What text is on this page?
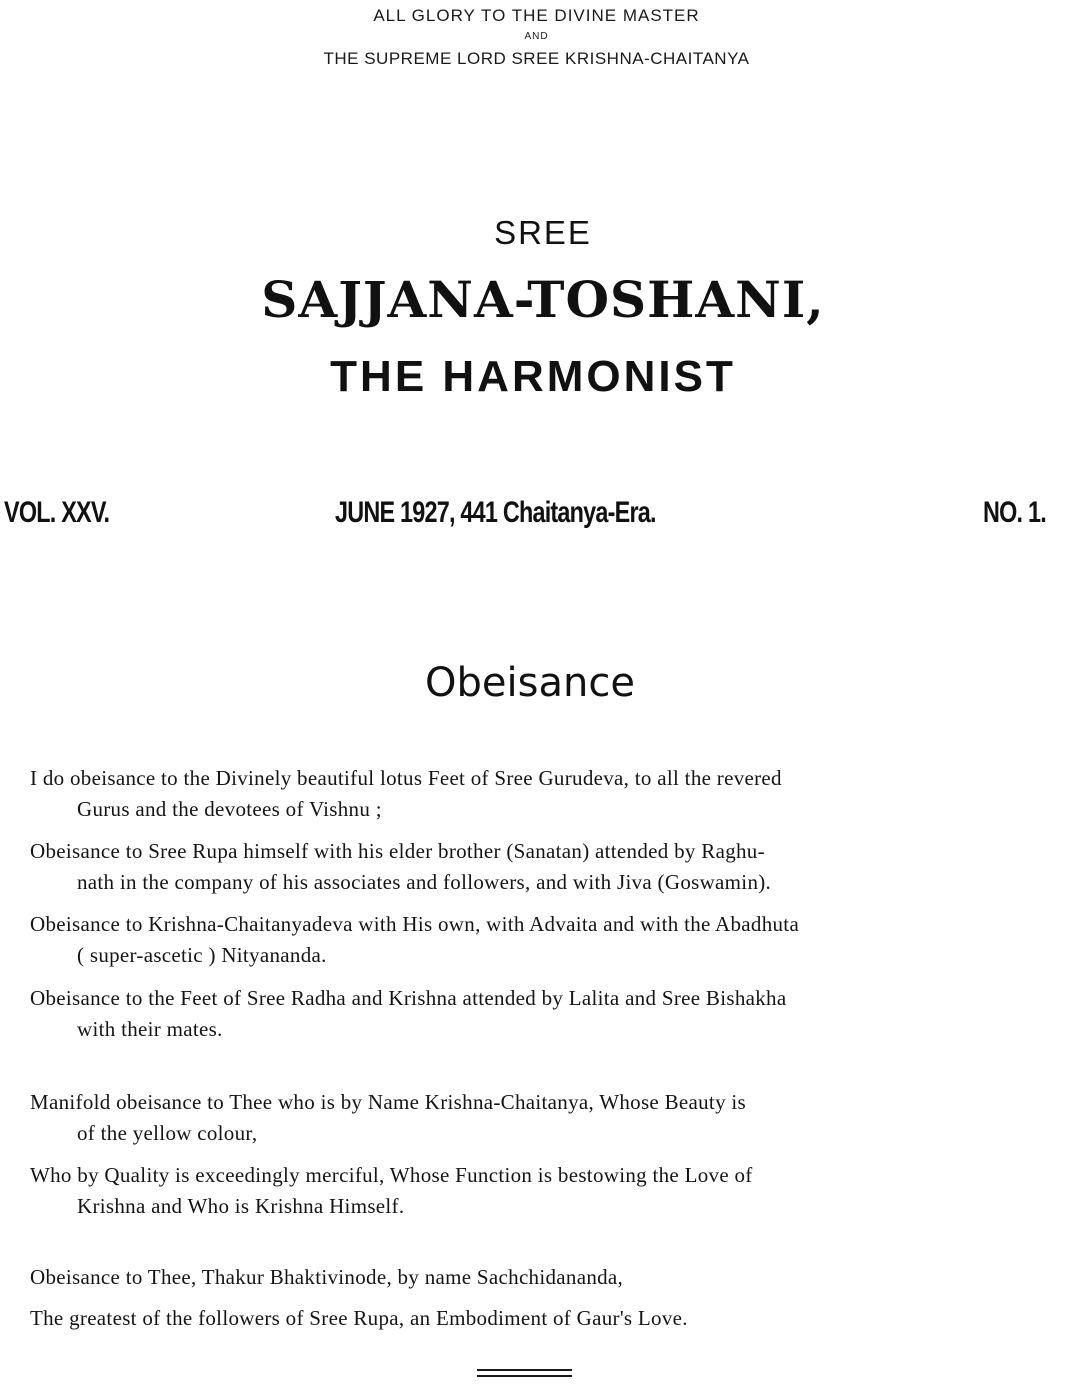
ALL GLORY TO THE DIVINE MASTER
AND
THE SUPREME LORD SREE KRISHNA-CHAITANYA
SREE
SAJJANA-TOSHANI,
THE HARMONIST
VOL. XXV.	JUNE 1927, 441 Chaitanya-Era.	NO. 1.
Obeisance
I do obeisance to the Divinely beautiful lotus Feet of Sree Gurudeva, to all the revered
Gurus and the devotees of Vishnu ;
Obeisance to Sree Rupa himself with his elder brother (Sanatan) attended by Raghu-
nath in the company of his associates and followers, and with Jiva (Goswamin).
Obeisance to Krishna-Chaitanyadeva with His own, with Advaita and with the Abadhuta
( super-ascetic ) Nityananda.
Obeisance to the Feet of Sree Radha and Krishna attended by Lalita and Sree Bishakha
with their mates.
Manifold obeisance to Thee who is by Name Krishna-Chaitanya, Whose Beauty is
of the yellow colour,
Who by Quality is exceedingly merciful, Whose Function is bestowing the Love of
Krishna and Who is Krishna Himself.
Obeisance to Thee, Thakur Bhaktivinode, by name Sachchidananda,
The greatest of the followers of Sree Rupa, an Embodiment of Gaur's Love.
